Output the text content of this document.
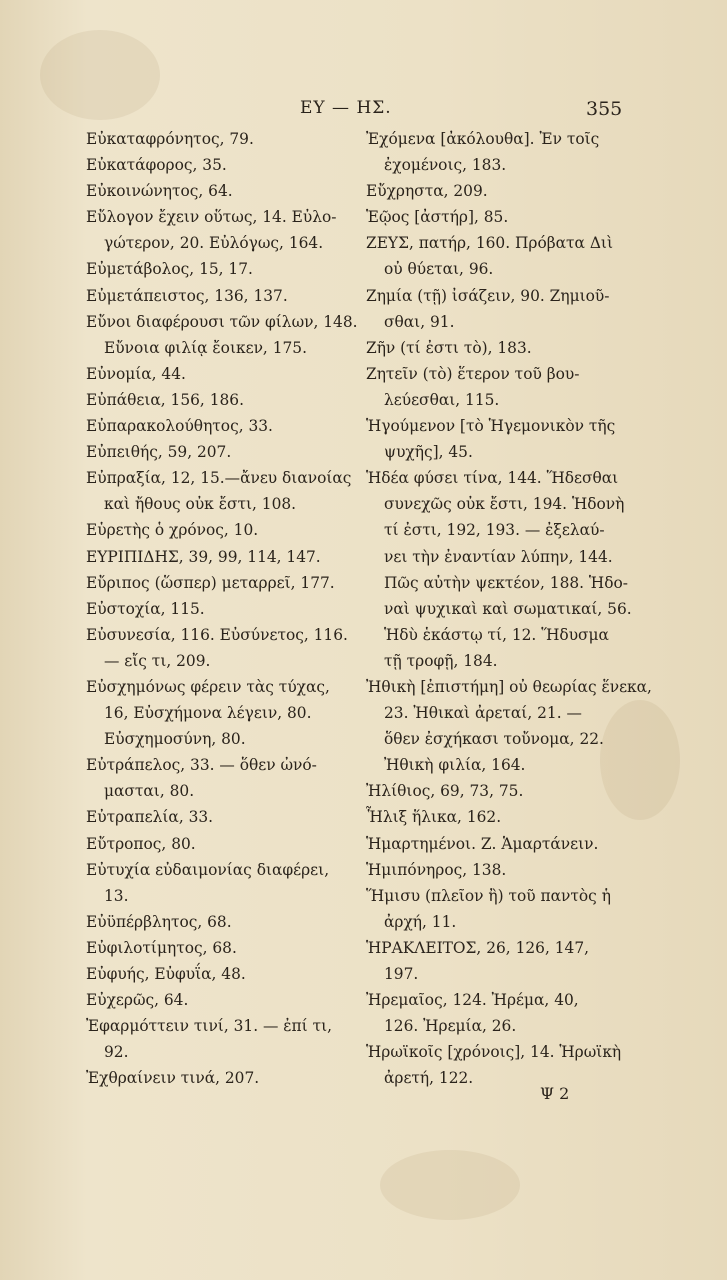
ΕΥ — ΗΣ.	355
Εὐκαταφρόνητος, 79.
Εὐκατάφορος, 35.
Εὐκοινώνητος, 64.
Εὔλογον ἔχειν οὕτως, 14. Εὐλο-
γώτερον, 20. Εὐλόγως, 164.
Εὐμετάβολος, 15, 17.
Εὐμετάπειστος, 136, 137.
Εὔνοι διαφέρουσι τῶν φίλων, 148.
Εὔνοια φιλίᾳ ἔοικεν, 175.
Εὐνομία, 44.
Εὐπάθεια, 156, 186.
Εὐπαρακολούθητος, 33.
Εὐπειθής, 59, 207.
Εὐπραξία, 12, 15.—ἄνευ διανοίας
καὶ ἤθους οὐκ ἔστι, 108.
Εὑρετὴς ὁ χρόνος, 10.
ΕΥΡΙΠΙΔΗΣ, 39, 99, 114, 147.
Εὔριπος (ὥσπερ) μεταρρεῖ, 177.
Εὐστοχία, 115.
Εὐσυνεσία, 116. Εὐσύνετος, 116.
— εἴς τι, 209.
Εὐσχημόνως φέρειν τὰς τύχας,
16, Εὐσχήμονα λέγειν, 80.
Εὐσχημοσύνη, 80.
Εὐτράπελος, 33. — ὅθεν ὠνό-
μασται, 80.
Εὐτραπελία, 33.
Εὔτροπος, 80.
Εὐτυχία εὐδαιμονίας διαφέρει,
13.
Εὐϋπέρβλητος, 68.
Εὐφιλοτίμητος, 68.
Εὐφυής, Εὐφυΐα, 48.
Εὐχερῶς, 64.
Ἐφαρμόττειν τινί, 31. — ἐπί τι,
92.
Ἐχθραίνειν τινά, 207.
Ἐχόμενα [ἀκόλουθα]. Ἐν τοῖς
ἐχομένοις, 183.
Εὔχρηστα, 209.
Ἑῷος [ἀστήρ], 85.
ΖΕΥΣ, πατήρ, 160. Πρόβατα Διὶ
οὐ θύεται, 96.
Ζημία (τῇ) ἰσάζειν, 90. Ζημιοῦ-
σθαι, 91.
Ζῆν (τί ἐστι τὸ), 183.
Ζητεῖν (τὸ) ἕτερον τοῦ βου-
λεύεσθαι, 115.
Ἡγούμενον [τὸ Ἡγεμονικὸν τῆς
ψυχῆς], 45.
Ἡδέα φύσει τίνα, 144. Ἥδεσθαι
συνεχῶς οὐκ ἔστι, 194. Ἡδονὴ
τί ἐστι, 192, 193. — ἐξελαύ-
νει τὴν ἐναντίαν λύπην, 144.
Πῶς αὐτὴν ψεκτέον, 188. Ἡδο-
ναὶ ψυχικαὶ καὶ σωματικαί, 56.
Ἡδὺ ἑκάστῳ τί, 12. Ἥδυσμα
τῇ τροφῇ, 184.
Ἠθικὴ [ἐπιστήμη] οὐ θεωρίας ἕνεκα,
23. Ἠθικαὶ ἀρεταί, 21. —
ὅθεν ἐσχήκασι τοὔνομα, 22.
Ἠθικὴ φιλία, 164.
Ἠλίθιος, 69, 73, 75.
Ἧλιξ ἥλικα, 162.
Ἡμαρτημένοι. Ζ. Ἁμαρτάνειν.
Ἡμιπόνηρος, 138.
Ἥμισυ (πλεῖον ἢ) τοῦ παντὸς ἡ
ἀρχή, 11.
ἩΡΑΚΛΕΙΤΟΣ, 26, 126, 147,
197.
Ἠρεμαῖος, 124. Ἠρέμα, 40,
126. Ἠρεμία, 26.
Ἡρωϊκοῖς [χρόνοις], 14. Ἡρωϊκὴ
ἀρετή, 122.
Ψ 2
